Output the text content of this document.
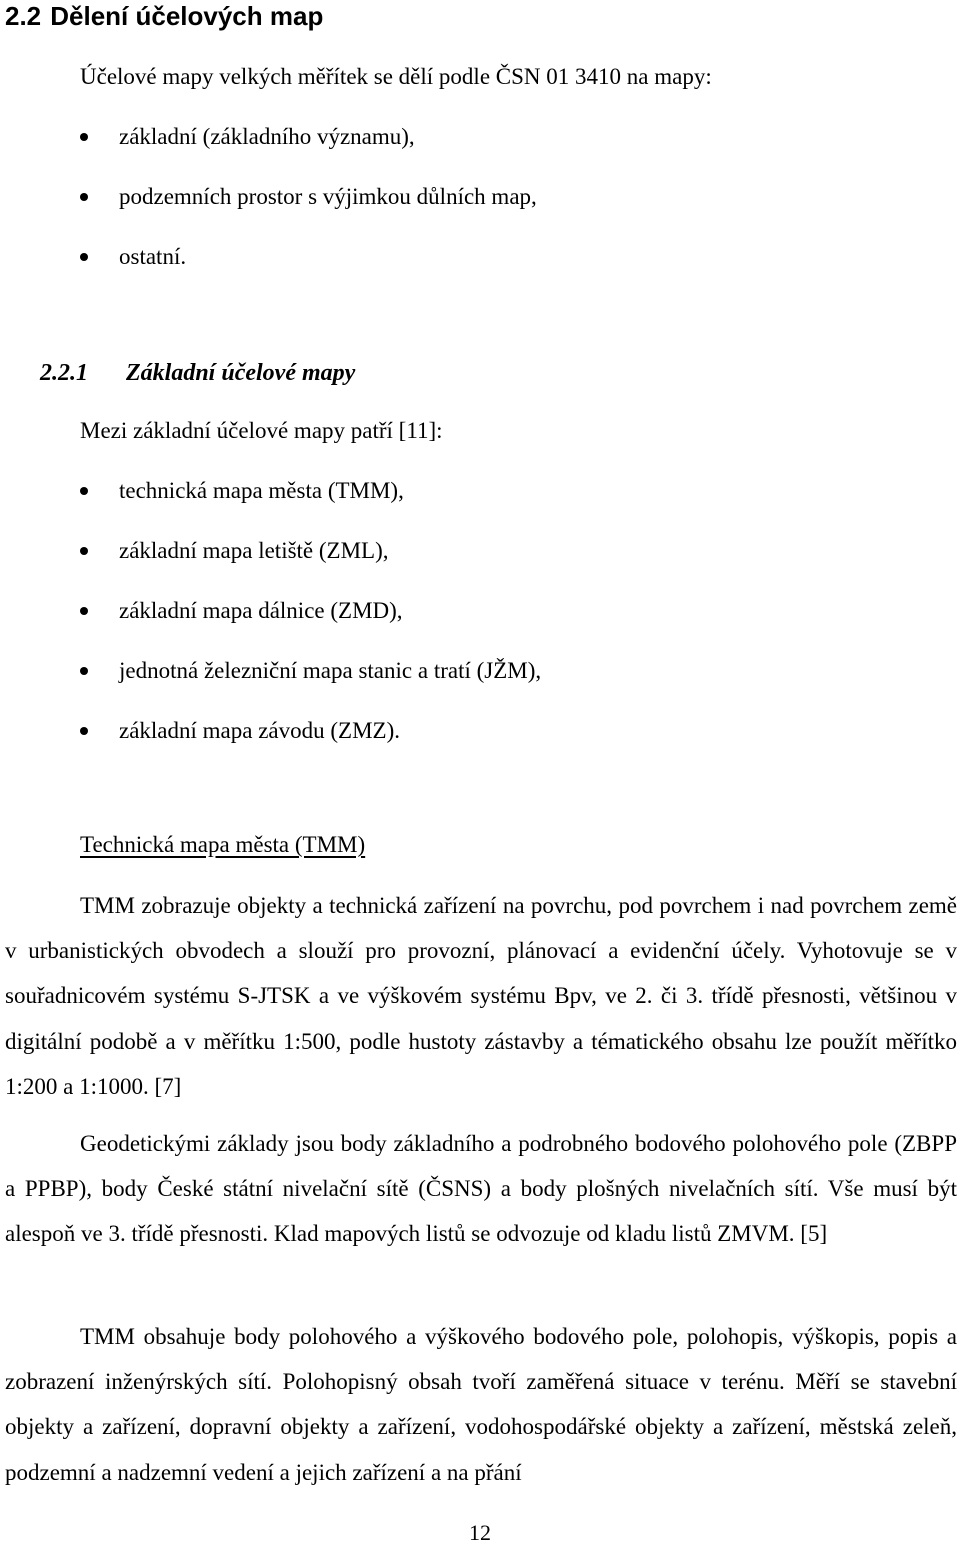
2.2 Dělení účelových map
Účelové mapy velkých měřítek se dělí podle ČSN 01 3410 na mapy:
základní (základního významu),
podzemních prostor s výjimkou důlních map,
ostatní.
2.2.1 Základní účelové mapy
Mezi základní účelové mapy patří [11]:
technická mapa města (TMM),
základní mapa letiště (ZML),
základní mapa dálnice (ZMD),
jednotná železniční mapa stanic a tratí (JŽM),
základní mapa závodu (ZMZ).
Technická mapa města (TMM)

TMM zobrazuje objekty a technická zařízení na povrchu, pod povrchem i nad povrchem země v urbanistických obvodech a slouží pro provozní, plánovací a evidenční účely. Vyhotovuje se v souřadnicovém systému S-JTSK a ve výškovém systému Bpv, ve 2. či 3. třídě přesnosti, většinou v digitální podobě a v měřítku 1:500, podle hustoty zástavby a tématického obsahu lze použít měřítko 1:200 a 1:1000. [7]

Geodetickými základy jsou body základního a podrobného bodového polohového pole (ZBPP a PPBP), body České státní nivelační sítě (ČSNS) a body plošných nivelačních sítí. Vše musí být alespoň ve 3. třídě přesnosti. Klad mapových listů se odvozuje od kladu listů ZMVM. [5]

TMM obsahuje body polohového a výškového bodového pole, polohopis, výškopis, popis a zobrazení inženýrských sítí. Polohopisný obsah tvoří zaměřená situace v terénu. Měří se stavební objekty a zařízení, dopravní objekty a zařízení, vodohospodářské objekty a zařízení, městská zeleň, podzemní a nadzemní vedení a jejich zařízení a na přání

12
